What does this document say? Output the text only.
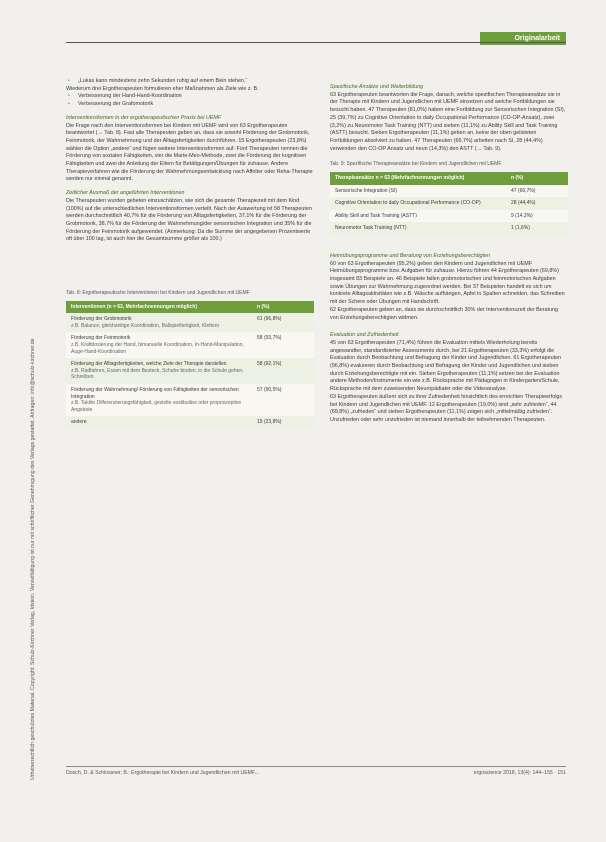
Urheberrechtlich geschütztes Material. Copyright: Schulz-Kirchner Verlag, Idstein. Vervielfältigung ist nur mit schriftlicher Genehmigung des Verlags gestattet. Anfragen: info@schulz-kirchner.de
Originalarbeit
• „Lukas kann mindestens zehn Sekunden ruhig auf einem Bein stehen.“

Wiederum drei Ergotherapeuten formulieren eher Maßnahmen als Ziele wie z. B.

• Verbesserung der Hand-Hand-Koordination
• Verbesserung der Grafomotorik
Interventionsformen in der ergotherapeutischen Praxis bei UEMF

Die Frage nach den Interventionsformen bei Kindern mit UEMF wird von 63 Ergotherapeuten beantwortet (→ Tab. 8). Fast alle Therapeuten geben an, dass sie sowohl Förderung der Grobmotorik, Feinmotorik, der Wahrnehmung und der Alltagsfertigkeiten durchführen. 15 Ergotherapeuten (23,8%) wählen die Option „andere“ und fügen weitere Interventionsformen auf. Fünf Therapeuten nennen die Förderung von sozialen Fähigkeiten, vier die Marte-Meo-Methode, zwei die Förderung der kognitiven Fähigkeiten und zwei die Anleitung der Eltern für Betätigungen/Übungen für zuhause. Andere Therapieverfahren wie die Förderung der Wahrnehmungsentwicklung nach Affolter oder Reha-Therapie werden nur einmal genannt.

Zeitlicher Ausmaß der angeführten Interventionen

Die Therapeuten wurden gebeten einzuschätzen, wie sich die gesamte Therapiezeit mit dem Kind (100%) auf die unterschiedlichen Interventionsformen verteilt. Nach der Auswertung ist 58 Therapeuten werden durchschnittlich 40,7% für die Förderung von Alltagsfertigkeiten, 37,1% für die Förderung der Grobmotorik, 38,7% für die Förderung der Wahrnehmung/der sensorischen Integration und 35% für die Förderung der Feinmotorik aufgewendet. (Anmerkung: Da die Summe der angegebenen Prozentwerte oft über 100 lag, ist auch hier die Gesamtsumme größer als 100.)

Tab. 8: Ergotherapeutische Interventionen bei Kindern und Jugendlichen mit UEMF
Interventionen (n = 63, Mehrfachnennungen möglich)	n (%)

Förderung der Grobmotorik
z.B. Balance, gleichzeitige Koordination, Ballspielfertigkeit, Klettern	61 (96,8%)

Förderung der Feinmotorik
z.B. Kraftdosierung der Hand, bimanuelle Koordination, In-Hand-Manipulation, Auge-Hand-Koordination	58 (93,7%)

Förderung der Alltagsfertigkeiten, welche Ziele der Therapie darstellen
z.B. Radfahren, Essen mit dem Besteck, Schuhe binden, in die Schule gehen, Schreiben	58 (92,1%)

Förderung der Wahrnehmung/ Förderung von Fähigkeiten der sensorischen Integration
z.B. Taktile Differenzierungsfähigkeit, gezielte vestibuläre oder propriozeptive Angebote	57 (90,5%)

andere	15 (23,8%)
Spezifische Ansätze und Weiterbildung

63 Ergotherapeuten beantworten die Frage, danach, welche spezifischen Therapieansätze sie in der Therapie mit Kindern und Jugendlichen mit UEMF einsetzen und welche Fortbildungen sie besucht haben. 47 Therapeuten (81,0%) haben eine Fortbildung zur Sensorischen Integration (SI), 25 (39,7%) zu Cognitive Orientation to daily Occupational Performance (CO-OP-Ansatz), zwei (3,2%) zu Neuromotor Task Training (NTT) und sieben (11,1%) zu Ability Skill and Task Training (ASTT) besucht. Sieben Ergotherapeuten (11,1%) geben an, keine der oben gelisteten Fortbildungen absolviert zu haben. 47 Therapeuten (66,7%) arbeiten nach SI, 28 (44,4%) verwenden den CO-OP Ansatz und neun (14,3%) den ASTT (→ Tab. 9).

Tab. 9: Spezifische Therapieansätze bei Kindern und Jugendlichen mit UEMF
Therapieansätze n = 63 (Mehrfachnennungen möglich)	n (%)
Sensorische Integration (SI)	47 (66,7%)
Cognitive Orientation to daily Occupational Performance (CO-OP)	28 (44,4%)
Ability Skill and Task Training (ASTT)	9 (14,3%)
Neuromotor Task Training (NTT)	1 (1,6%)
Heimübungsprogramme und Beratung von Erziehungsberechtigten

60 von 63 Ergotherapeuten (95,2%) geben den Kindern und Jugendlichen mit UEMF Heimübungsprogramme bzw. Aufgaben für zuhause. Hierzu führen 44 Ergotherapeuten (69,8%) insgesamt 83 Beispiele an. 46 Beispiele fallen grobmotorischen und feinmotorischen Aufgaben sowie Übungen zur Wahrnehmung zugeordnet werden. Bei 37 Beispielen handelt es sich um konkrete Alltagsaktivitäten wie z.B. Wäsche aufhängen, Apfel in Spalten schneiden, das Schreiben mit der Schere oder Übungen mit Handschrift.

62 Ergotherapeuten geben an, dass sie durchschnittlich 30% der Interventionszeit der Beratung von Erziehungsberechtigten widmen.

Evaluation und Zufriedenheit

45 von 63 Ergotherapeuten (71,4%) führen die Evaluation mittels Wiederholung bereits angewandter, standardisierter Assessments durch, bei 21 Ergotherapeuten (33,3%) erfolgt die Evaluation durch Beobachtung und Befragung der Kinder und Jugendlichen. 61 Ergotherapeuten (96,8%) evaluieren durch Beobachtung und Befragung der Kinder und Jugendlichen und sieben durch Erziehungsberechtigte mit ein. Sieben Ergotherapeuten (11,1%) setzen bei der Evaluation andere Methoden/Instrumente ein wie z.B. Rücksprache mit Pädagogen in Kindergarten/Schule, Rücksprache mit dem zuweisenden Neuropädiater oder die Videoanalyse.

63 Ergotherapeuten äußern sich zu ihrer Zufriedenheit hinsichtlich des erreichten Therapieerfolgs bei Kindern und Jugendlichen mit UEMF. 12 Ergotherapeuten (19,0%) sind „sehr zufrieden“, 44 (69,8%) „zufrieden“ und sieben Ergotherapeuten (11,1%) zeigen sich „mittelmäßig zufrieden“. Unzufrieden oder sehr unzufrieden ist niemand innerhalb der teilnehmenden Therapeuten.

Dosch, D. & Schlossner, B.: Ergotherapie bei Kindern und Jugendlichen mit UEMF...	ergoscience 2018, 13(4): 144–155 · 151
